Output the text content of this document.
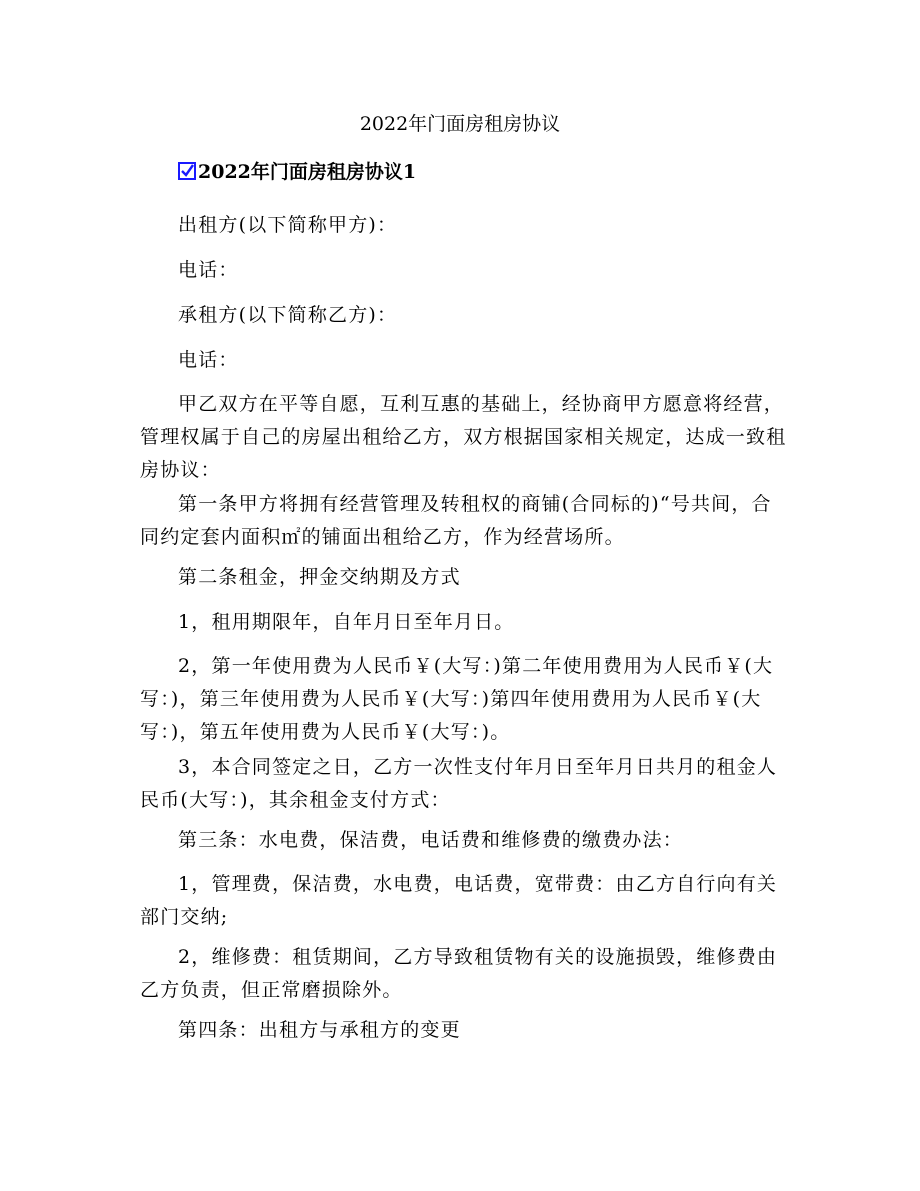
2022年门面房租房协议
2022年门面房租房协议1

出租方(以下简称甲方)：

电话：

承租方(以下简称乙方)：

电话：

甲乙双方在平等自愿，互利互惠的基础上，经协商甲方愿意将经营，管理权属于自己的房屋出租给乙方，双方根据国家相关规定，达成一致租房协议：

第一条甲方将拥有经营管理及转租权的商铺(合同标的)“号共间，合同约定套内面积㎡的铺面出租给乙方，作为经营场所。

第二条租金，押金交纳期及方式

1，租用期限年，自年月日至年月日。

2，第一年使用费为人民币￥(大写：)第二年使用费用为人民币￥(大写：)，第三年使用费为人民币￥(大写：)第四年使用费用为人民币￥(大写：)，第五年使用费为人民币￥(大写：)。

3，本合同签定之日，乙方一次性支付年月日至年月日共月的租金人民币(大写：)，其余租金支付方式：

第三条：水电费，保洁费，电话费和维修费的缴费办法：

1，管理费，保洁费，水电费，电话费，宽带费：由乙方自行向有关部门交纳;

2，维修费：租赁期间，乙方导致租赁物有关的设施损毁，维修费由乙方负责，但正常磨损除外。

第四条：出租方与承租方的变更
